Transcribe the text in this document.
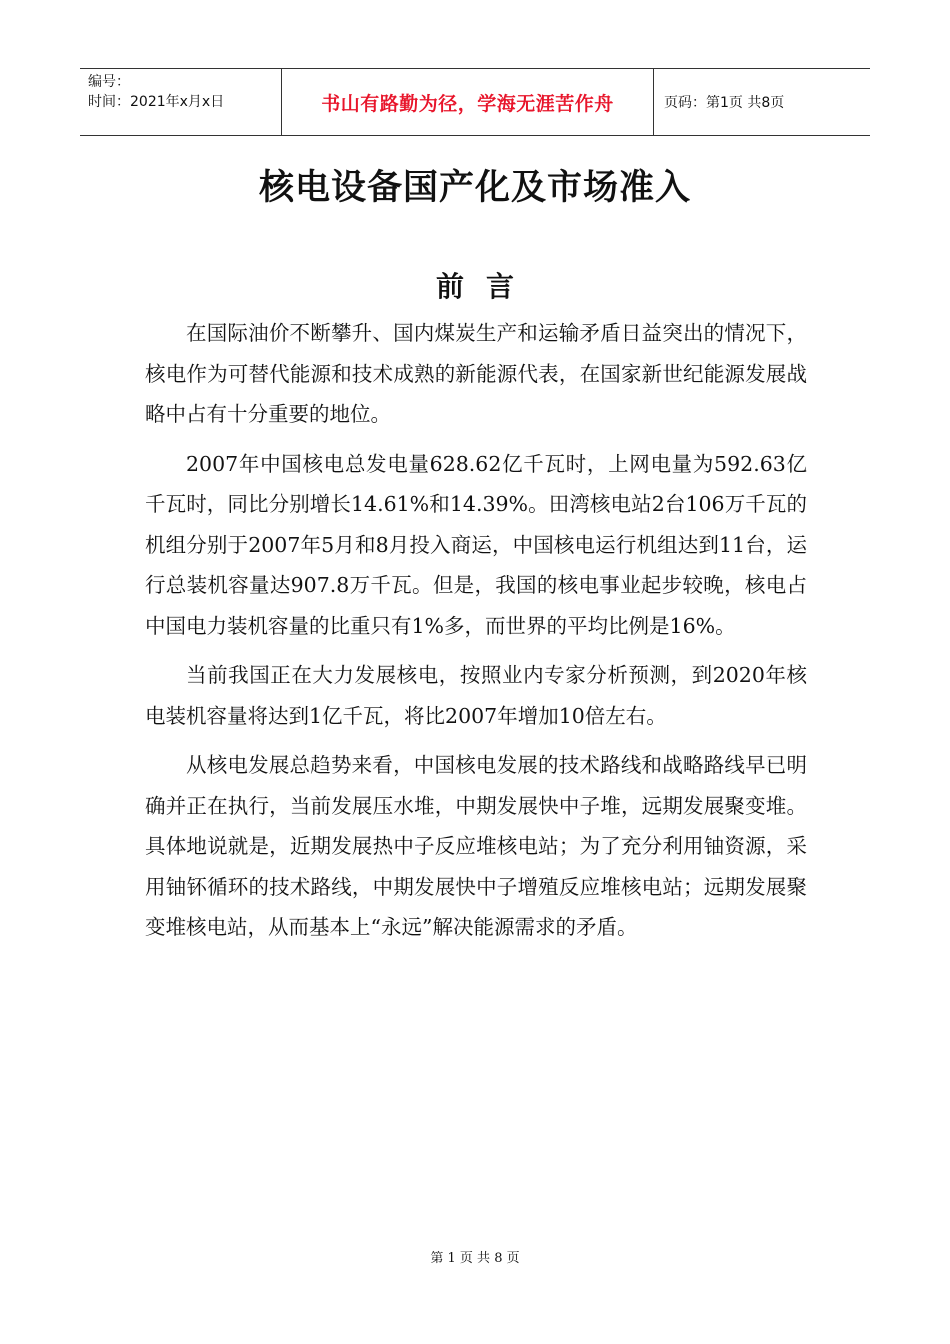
编号：
时间：2021年x月x日	书山有路勤为径，学海无涯苦作舟	页码：第1页 共8页
核电设备国产化及市场准入
前言

在国际油价不断攀升、国内煤炭生产和运输矛盾日益突出的情况下，核电作为可替代能源和技术成熟的新能源代表，在国家新世纪能源发展战略中占有十分重要的地位。

2007年中国核电总发电量628.62亿千瓦时，上网电量为592.63亿千瓦时，同比分别增长14.61%和14.39%。田湾核电站2台106万千瓦的机组分别于2007年5月和8月投入商运，中国核电运行机组达到11台，运行总装机容量达907.8万千瓦。但是，我国的核电事业起步较晚，核电占中国电力装机容量的比重只有1%多，而世界的平均比例是16%。

当前我国正在大力发展核电，按照业内专家分析预测，到2020年核电装机容量将达到1亿千瓦，将比2007年增加10倍左右。

从核电发展总趋势来看，中国核电发展的技术路线和战略路线早已明确并正在执行，当前发展压水堆，中期发展快中子堆，远期发展聚变堆。具体地说就是，近期发展热中子反应堆核电站；为了充分利用铀资源，采用铀钚循环的技术路线，中期发展快中子增殖反应堆核电站；远期发展聚变堆核电站，从而基本上“永远”解决能源需求的矛盾。

第 1 页 共 8 页
